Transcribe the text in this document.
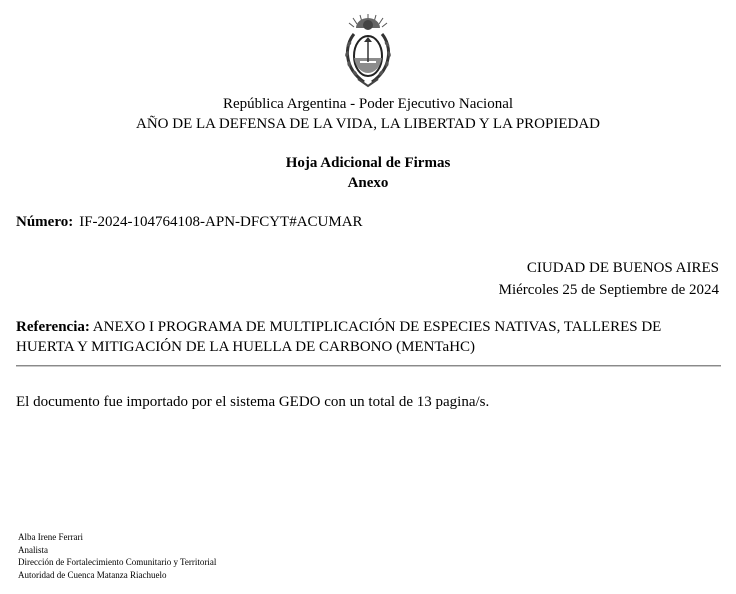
República Argentina - Poder Ejecutivo Nacional
AÑO DE LA DEFENSA DE LA VIDA, LA LIBERTAD Y LA PROPIEDAD
Hoja Adicional de Firmas
Anexo
Número: IF-2024-104764108-APN-DFCYT#ACUMAR
CIUDAD DE BUENOS AIRES
Miércoles 25 de Septiembre de 2024
Referencia: ANEXO I PROGRAMA DE MULTIPLICACIÓN DE ESPECIES NATIVAS, TALLERES DE HUERTA Y MITIGACIÓN DE LA HUELLA DE CARBONO (MENTaHC)
El documento fue importado por el sistema GEDO con un total de 13 pagina/s.
Alba Irene Ferrari
Analista
Dirección de Fortalecimiento Comunitario y Territorial
Autoridad de Cuenca Matanza Riachuelo
